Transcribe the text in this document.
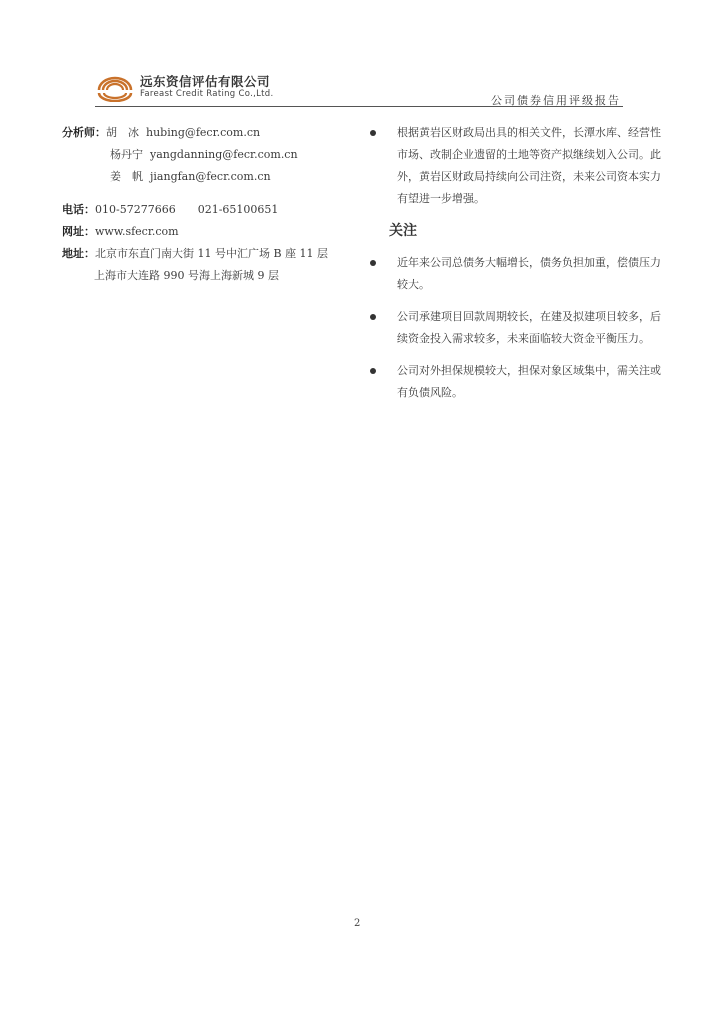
远东资信评估有限公司
Fareast Credit Rating Co.,Ltd.	公司债券信用评级报告
分析师：胡　冰 hubing@fecr.com.cn
杨丹宁 yangdanning@fecr.com.cn
姜　帆 jiangfan@fecr.com.cn
电话：010-57277666　　021-65100651
网址：www.sfecr.com
地址：北京市东直门南大街 11 号中汇广场 B 座 11 层
上海市大连路 990 号海上海新城 9 层
根据黄岩区财政局出具的相关文件，长潭水库、经营性市场、改制企业遗留的土地等资产拟继续划入公司。此外，黄岩区财政局持续向公司注资，未来公司资本实力有望进一步增强。
关注
近年来公司总债务大幅增长，债务负担加重，偿债压力较大。
公司承建项目回款周期较长，在建及拟建项目较多，后续资金投入需求较多，未来面临较大资金平衡压力。
公司对外担保规模较大，担保对象区域集中，需关注或有负债风险。
2
